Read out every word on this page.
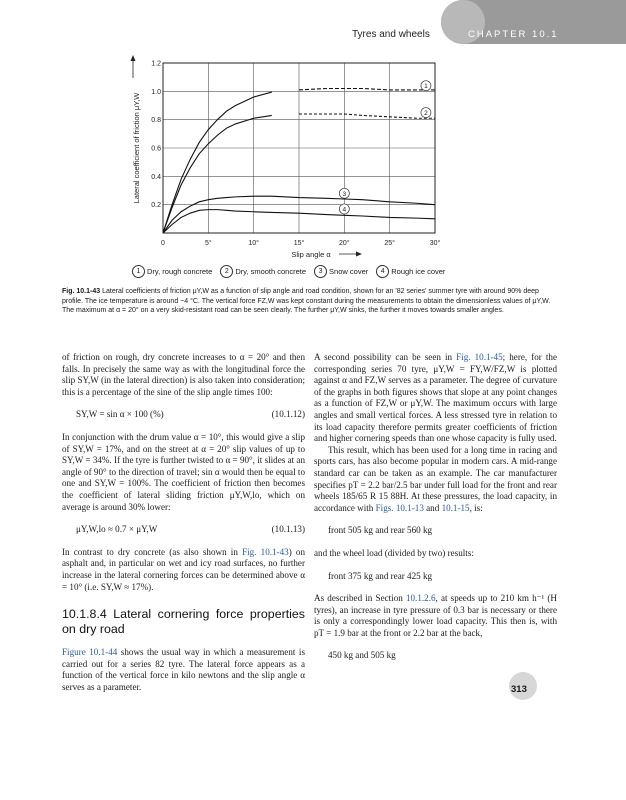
Tyres and wheels	CHAPTER 10.1
0	5°	10°	15°	20°	25°	30°
0.2
0.4
0.6
0.8
1.0
1.2
1
2
3
4
Slip angle α
Lateral coefficient of friction μY,W
1 Dry, rough concrete	2 Dry, smooth concrete	3 Snow cover	4 Rough ice cover
Fig. 10.1-43 Lateral coefficients of friction μY,W as a function of slip angle and road condition, shown for an '82 series' summer tyre with around 90% deep profile. The ice temperature is around −4 °C. The vertical force FZ,W was kept constant during the measurements to obtain the dimensionless values of μY,W. The maximum at α = 20° on a very skid-resistant road can be seen clearly. The further μY,W sinks, the further it moves towards smaller angles.

of friction on rough, dry concrete increases to α = 20° and then falls. In precisely the same way as with the longitudinal force the slip SY,W (in the lateral direction) is also taken into consideration; this is a percentage of the sine of the slip angle times 100:

SY,W = sin α × 100 (%)	(10.1.12)

In conjunction with the drum value α = 10°, this would give a slip of SY,W = 17%, and on the street at α = 20° slip values of up to SY,W = 34%. If the tyre is further twisted to α = 90°, it slides at an angle of 90° to the direction of travel; sin α would then be equal to one and SY,W = 100%. The coefficient of friction then becomes the coefficient of lateral sliding friction μY,W,lo, which on average is around 30% lower:

μY,W,lo ≈ 0.7 × μY,W	(10.1.13)

In contrast to dry concrete (as also shown in Fig. 10.1-43) on asphalt and, in particular on wet and icy road surfaces, no further increase in the lateral cornering forces can be determined above α = 10° (i.e. SY,W ≈ 17%).

10.1.8.4 Lateral cornering force properties on dry road

Figure 10.1-44 shows the usual way in which a measurement is carried out for a series 82 tyre. The lateral force appears as a function of the vertical force in kilo newtons and the slip angle α serves as a parameter.

A second possibility can be seen in Fig. 10.1-45; here, for the corresponding series 70 tyre, μY,W = FY,W/FZ,W is plotted against α and FZ,W serves as a parameter. The degree of curvature of the graphs in both figures shows that slope at any point changes as a function of FZ,W or μY,W. The maximum occurs with large angles and small vertical forces. A less stressed tyre in relation to its load capacity therefore permits greater coefficients of friction and higher cornering speeds than one whose capacity is fully used.

This result, which has been used for a long time in racing and sports cars, has also become popular in modern cars. A mid-range standard car can be taken as an example. The car manufacturer specifies pT = 2.2 bar/2.5 bar under full load for the front and rear wheels 185/65 R 15 88H. At these pressures, the load capacity, in accordance with Figs. 10.1-13 and 10.1-15, is:

front 505 kg and rear 560 kg

and the wheel load (divided by two) results:

front 375 kg and rear 425 kg

As described in Section 10.1.2.6, at speeds up to 210 km h⁻¹ (H tyres), an increase in tyre pressure of 0.3 bar is necessary or there is only a correspondingly lower load capacity. This then is, with pT = 1.9 bar at the front or 2.2 bar at the back,

450 kg and 505 kg
313
